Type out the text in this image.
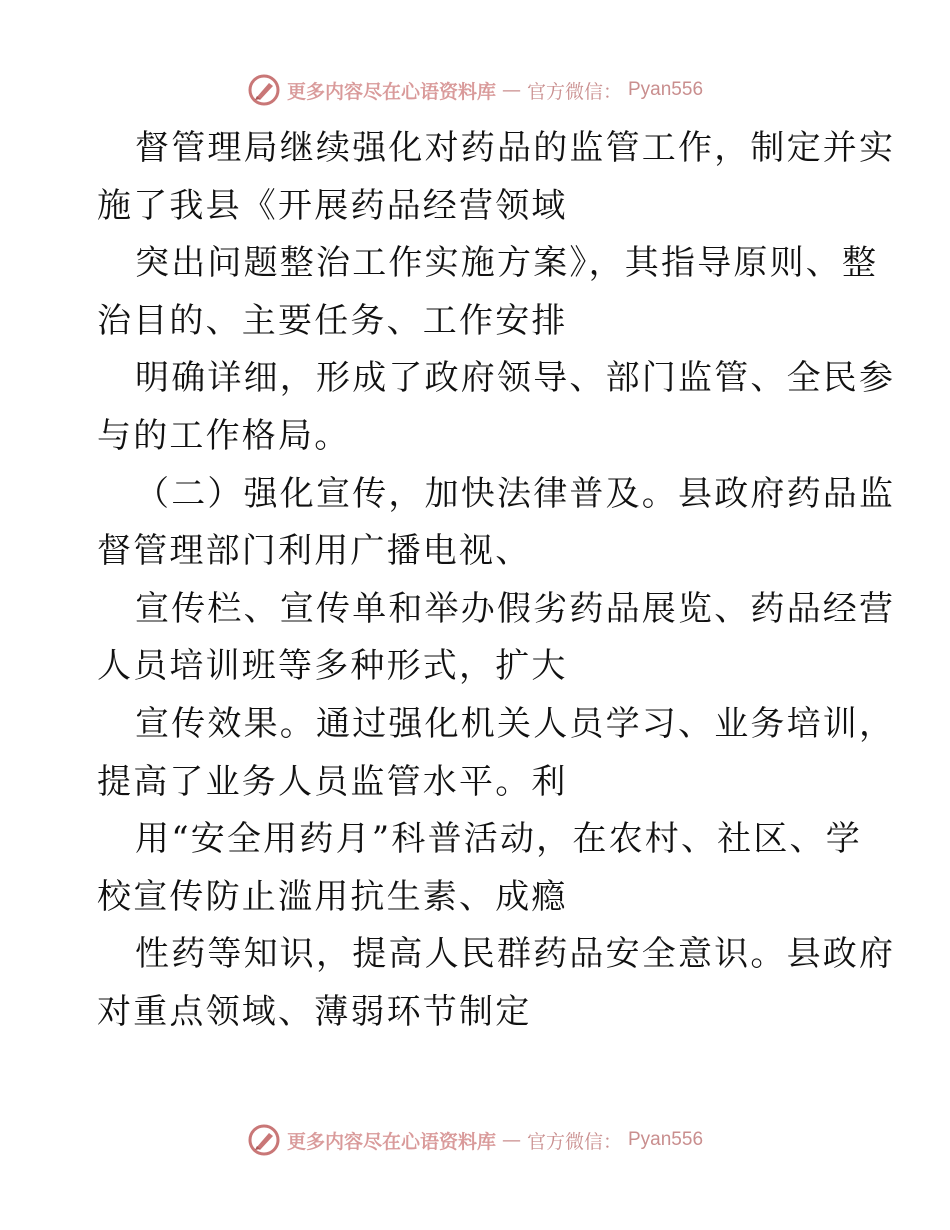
更多内容尽在心语资料库 — 官方微信： Pyan556
督管理局继续强化对药品的监管工作，制定并实
施了我县《开展药品经营领域
突出问题整治工作实施方案》，其指导原则、整
治目的、主要任务、工作安排
明确详细，形成了政府领导、部门监管、全民参
与的工作格局。
（二）强化宣传，加快法律普及。县政府药品监
督管理部门利用广播电视、
宣传栏、宣传单和举办假劣药品展览、药品经营
人员培训班等多种形式，扩大
宣传效果。通过强化机关人员学习、业务培训，
提高了业务人员监管水平。利
用“安全用药月”科普活动，在农村、社区、学
校宣传防止滥用抗生素、成瘾
性药等知识，提高人民群药品安全意识。县政府
对重点领域、薄弱环节制定
更多内容尽在心语资料库 — 官方微信： Pyan556
